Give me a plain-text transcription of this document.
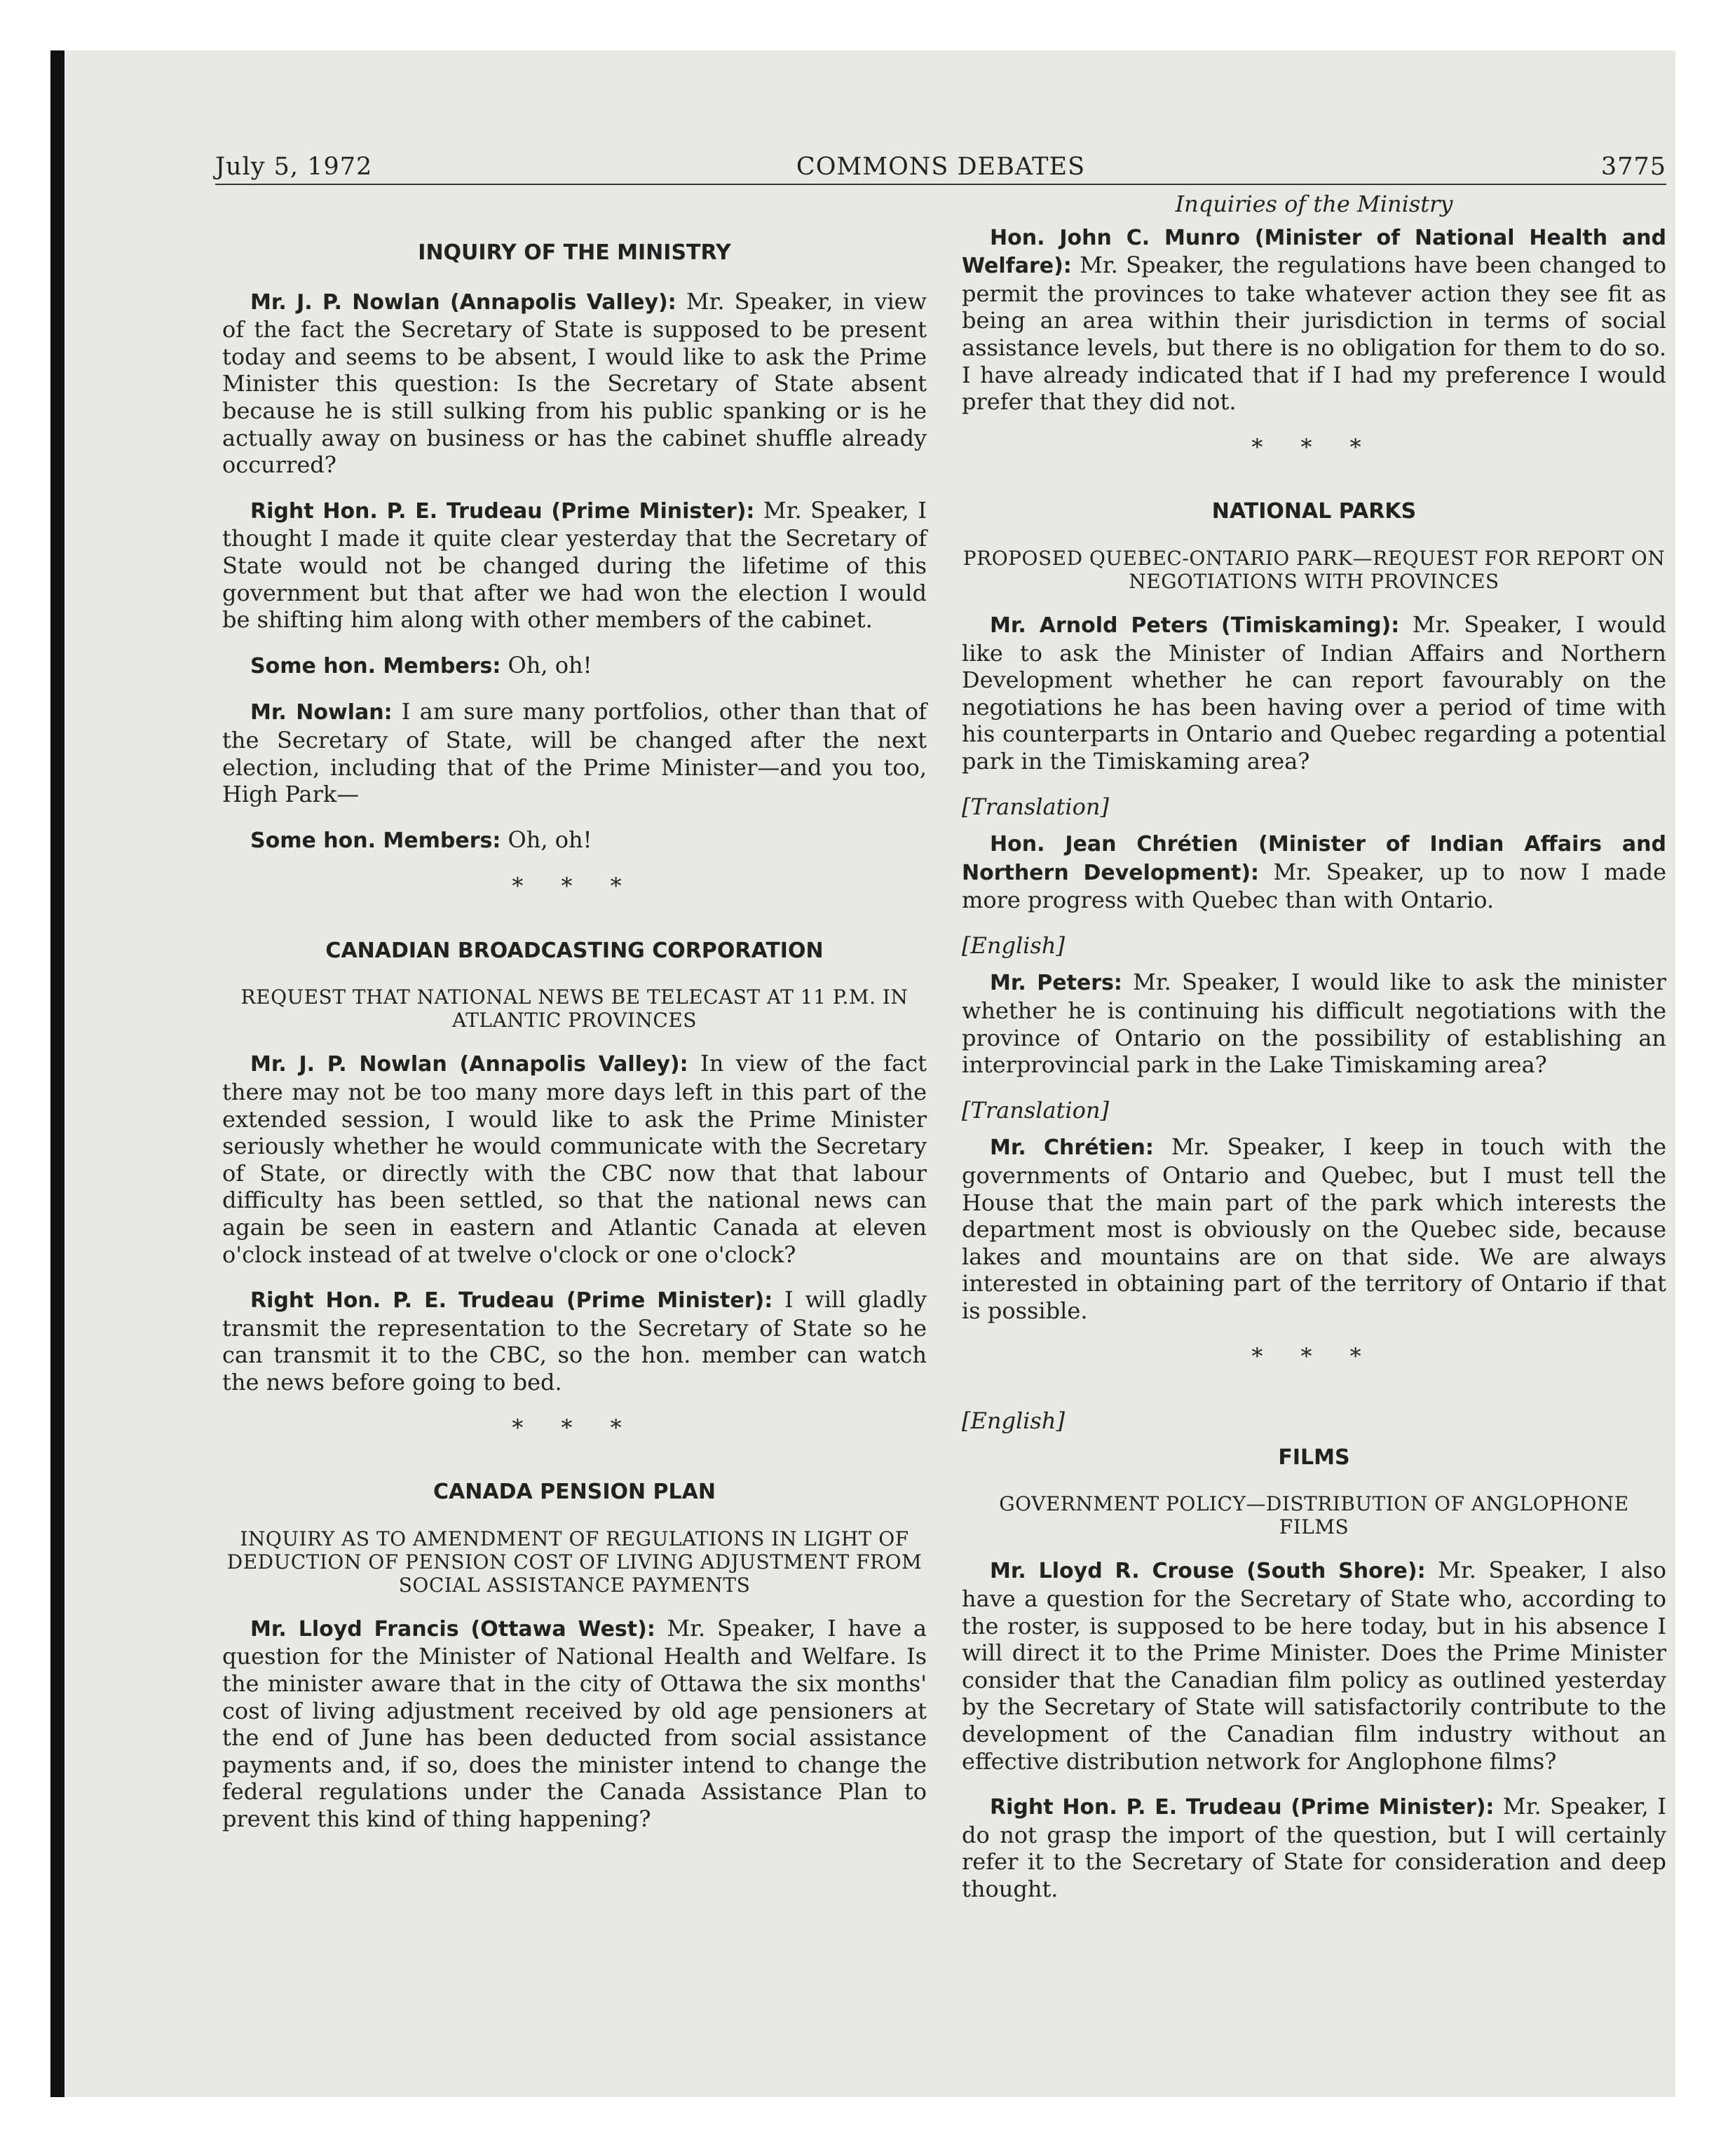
July 5, 1972	COMMONS DEBATES	3775
INQUIRY OF THE MINISTRY

Mr. J. P. Nowlan (Annapolis Valley): Mr. Speaker, in view of the fact the Secretary of State is supposed to be present today and seems to be absent, I would like to ask the Prime Minister this question: Is the Secretary of State absent because he is still sulking from his public spanking or is he actually away on business or has the cabinet shuffle already occurred?

Right Hon. P. E. Trudeau (Prime Minister): Mr. Speaker, I thought I made it quite clear yesterday that the Secretary of State would not be changed during the lifetime of this government but that after we had won the election I would be shifting him along with other members of the cabinet.

Some hon. Members: Oh, oh!

Mr. Nowlan: I am sure many portfolios, other than that of the Secretary of State, will be changed after the next election, including that of the Prime Minister—and you too, High Park—

Some hon. Members: Oh, oh!

* * *

CANADIAN BROADCASTING CORPORATION
REQUEST THAT NATIONAL NEWS BE TELECAST AT 11 P.M. IN ATLANTIC PROVINCES

Mr. J. P. Nowlan (Annapolis Valley): In view of the fact there may not be too many more days left in this part of the extended session, I would like to ask the Prime Minister seriously whether he would communicate with the Secretary of State, or directly with the CBC now that that labour difficulty has been settled, so that the national news can again be seen in eastern and Atlantic Canada at eleven o'clock instead of at twelve o'clock or one o'clock?

Right Hon. P. E. Trudeau (Prime Minister): I will gladly transmit the representation to the Secretary of State so he can transmit it to the CBC, so the hon. member can watch the news before going to bed.

* * *

CANADA PENSION PLAN
INQUIRY AS TO AMENDMENT OF REGULATIONS IN LIGHT OF DEDUCTION OF PENSION COST OF LIVING ADJUSTMENT FROM SOCIAL ASSISTANCE PAYMENTS

Mr. Lloyd Francis (Ottawa West): Mr. Speaker, I have a question for the Minister of National Health and Welfare. Is the minister aware that in the city of Ottawa the six months' cost of living adjustment received by old age pensioners at the end of June has been deducted from social assistance payments and, if so, does the minister intend to change the federal regulations under the Canada Assistance Plan to prevent this kind of thing happening?

Inquiries of the Ministry

Hon. John C. Munro (Minister of National Health and Welfare): Mr. Speaker, the regulations have been changed to permit the provinces to take whatever action they see fit as being an area within their jurisdiction in terms of social assistance levels, but there is no obligation for them to do so. I have already indicated that if I had my preference I would prefer that they did not.

* * *

NATIONAL PARKS
PROPOSED QUEBEC-ONTARIO PARK—REQUEST FOR REPORT ON NEGOTIATIONS WITH PROVINCES

Mr. Arnold Peters (Timiskaming): Mr. Speaker, I would like to ask the Minister of Indian Affairs and Northern Development whether he can report favourably on the negotiations he has been having over a period of time with his counterparts in Ontario and Quebec regarding a potential park in the Timiskaming area?

[Translation]

Hon. Jean Chrétien (Minister of Indian Affairs and Northern Development): Mr. Speaker, up to now I made more progress with Quebec than with Ontario.

[English]

Mr. Peters: Mr. Speaker, I would like to ask the minister whether he is continuing his difficult negotiations with the province of Ontario on the possibility of establishing an interprovincial park in the Lake Timiskaming area?

[Translation]

Mr. Chrétien: Mr. Speaker, I keep in touch with the governments of Ontario and Quebec, but I must tell the House that the main part of the park which interests the department most is obviously on the Quebec side, because lakes and mountains are on that side. We are always interested in obtaining part of the territory of Ontario if that is possible.

* * *

[English]

FILMS
GOVERNMENT POLICY—DISTRIBUTION OF ANGLOPHONE FILMS

Mr. Lloyd R. Crouse (South Shore): Mr. Speaker, I also have a question for the Secretary of State who, according to the roster, is supposed to be here today, but in his absence I will direct it to the Prime Minister. Does the Prime Minister consider that the Canadian film policy as outlined yesterday by the Secretary of State will satisfactorily contribute to the development of the Canadian film industry without an effective distribution network for Anglophone films?

Right Hon. P. E. Trudeau (Prime Minister): Mr. Speaker, I do not grasp the import of the question, but I will certainly refer it to the Secretary of State for consideration and deep thought.
